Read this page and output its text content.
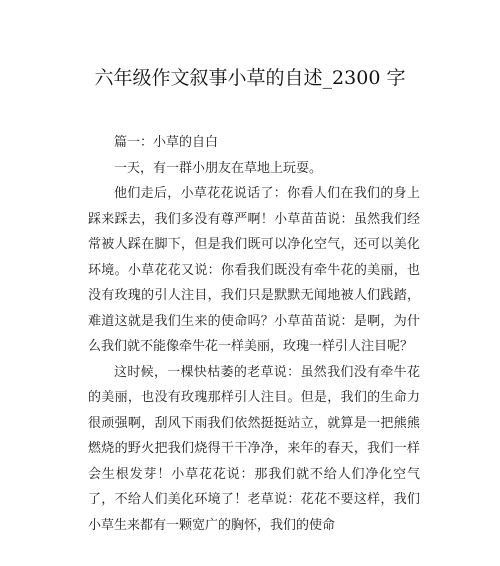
六年级作文叙事小草的自述_2300 字

篇一：小草的自白

一天，有一群小朋友在草地上玩耍。

他们走后，小草花花说话了：你看人们在我们的身上踩来踩去，我们多没有尊严啊！小草苗苗说：虽然我们经常被人踩在脚下，但是我们既可以净化空气，还可以美化环境。小草花花又说：你看我们既没有牵牛花的美丽，也没有玫瑰的引人注目，我们只是默默无闻地被人们践踏，难道这就是我们生来的使命吗？小草苗苗说：是啊，为什么我们就不能像牵牛花一样美丽，玫瑰一样引人注目呢？

这时候，一棵快枯萎的老草说：虽然我们没有牵牛花的美丽，也没有玫瑰那样引人注目。但是，我们的生命力很顽强啊，刮风下雨我们依然挺挺站立，就算是一把熊熊燃烧的野火把我们烧得干干净净，来年的春天，我们一样会生根发芽！小草花花说：那我们就不给人们净化空气了，不给人们美化环境了！老草说：花花不要这样，我们小草生来都有一颗宽广的胸怀，我们的使命
